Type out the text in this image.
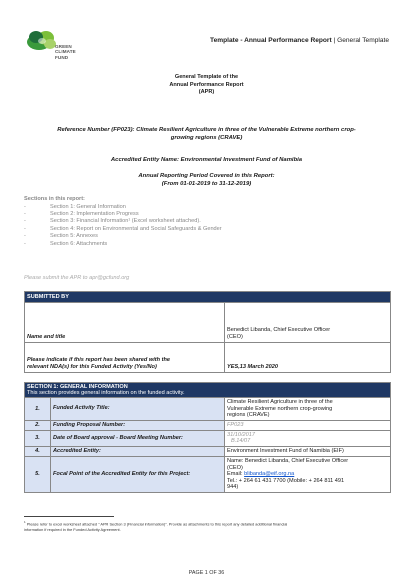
GREEN
CLIMATE
FUND
Template - Annual Performance Report | General Template
General Template of the
Annual Performance Report
(APR)
Reference Number (FP023): Climate Resilient Agriculture in three of the Vulnerable Extreme northern crop-
growing regions (CRAVE)
Accredited Entity Name: Environmental Investment Fund of Namibia
Annual Reporting Period Covered in this Report:
(From 01-01-2019 to 31-12-2019)
Sections in this report:
- Section 1: General Information
- Section 2: Implementation Progress
- Section 3: Financial Information¹ (Excel worksheet attached).
- Section 4: Report on Environmental and Social Safeguards & Gender
- Section 5: Annexes
- Section 6: Attachments
Please submit the APR to apr@gcfund.org
SUBMITTED BY	
Name and title	Benedict Libanda, Chief Executive Officer
(CEO)

Please indicate if this report has been shared with the
relevant NDA(s) for this Funded Activity (Yes/No)	YES,13 March 2020
SECTION 1: GENERAL INFORMATION
This section provides general information on the funded activity.		

1.	Funded Activity Title:	Climate Resilient Agriculture in three of the
Vulnerable Extreme northern crop-growing
regions (CRAVE)

2.	Funding Proposal Number:	FP023
3.	Date of Board approval - Board Meeting Number:	31/10/2017
B.14/07

4.	Accredited Entity:	Environment Investment Fund of Namibia (EIF)
5.	Focal Point of the Accredited Entity for this Project:	Name: Benedict Libanda, Chief Executive Officer
(CEO)
Email: blibanda@eif.org.na
Tel.: + 264 61 431 7700 (Mobile: + 264 811 491
944)
$^1$ Please refer to excel worksheet attached " APR Section 3 (Financial information)". Provide as attachments to this report any detailed additional financial
information if required in the Funded Activity Agreement.
PAGE 1 OF 36
